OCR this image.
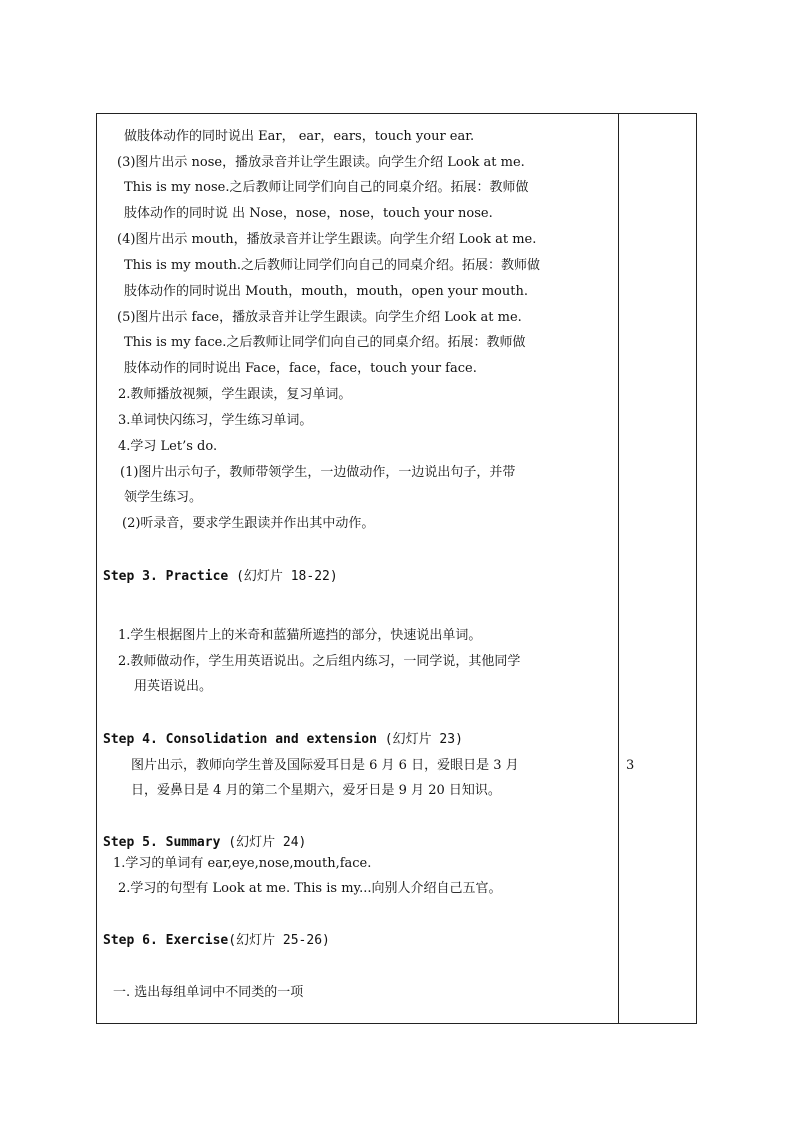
做肢体动作的同时说出 Ear， ear，ears，touch your ear.
(3)图片出示 nose，播放录音并让学生跟读。向学生介绍 Look at me.
This is my nose.之后教师让同学们向自己的同桌介绍。拓展：教师做
肢体动作的同时说 出 Nose，nose，nose，touch your nose.
(4)图片出示 mouth，播放录音并让学生跟读。向学生介绍 Look at me.
This is my mouth.之后教师让同学们向自己的同桌介绍。拓展：教师做
肢体动作的同时说出 Mouth，mouth，mouth，open your mouth.
(5)图片出示 face，播放录音并让学生跟读。向学生介绍 Look at me.
This is my face.之后教师让同学们向自己的同桌介绍。拓展：教师做
肢体动作的同时说出 Face，face，face，touch your face.
2.教师播放视频，学生跟读，复习单词。
3.单词快闪练习，学生练习单词。
4.学习 Let’s do.
(1)图片出示句子，教师带领学生，一边做动作，一边说出句子，并带
领学生练习。
(2)听录音，要求学生跟读并作出其中动作。
Step 3. Practice (幻灯片 18-22)
1.学生根据图片上的米奇和蓝猫所遮挡的部分，快速说出单词。
2.教师做动作，学生用英语说出。之后组内练习，一同学说，其他同学
用英语说出。
Step 4. Consolidation and extension (幻灯片 23)
图片出示，教师向学生普及国际爱耳日是 6 月 6 日，爱眼日是 3 月	3
日，爱鼻日是 4 月的第二个星期六，爱牙日是 9 月 20 日知识。
Step 5. Summary (幻灯片 24)
1.学习的单词有 ear,eye,nose,mouth,face.
2.学习的句型有 Look at me. This is my...向别人介绍自己五官。
Step 6. Exercise(幻灯片 25-26)
一. 选出每组单词中不同类的一项
